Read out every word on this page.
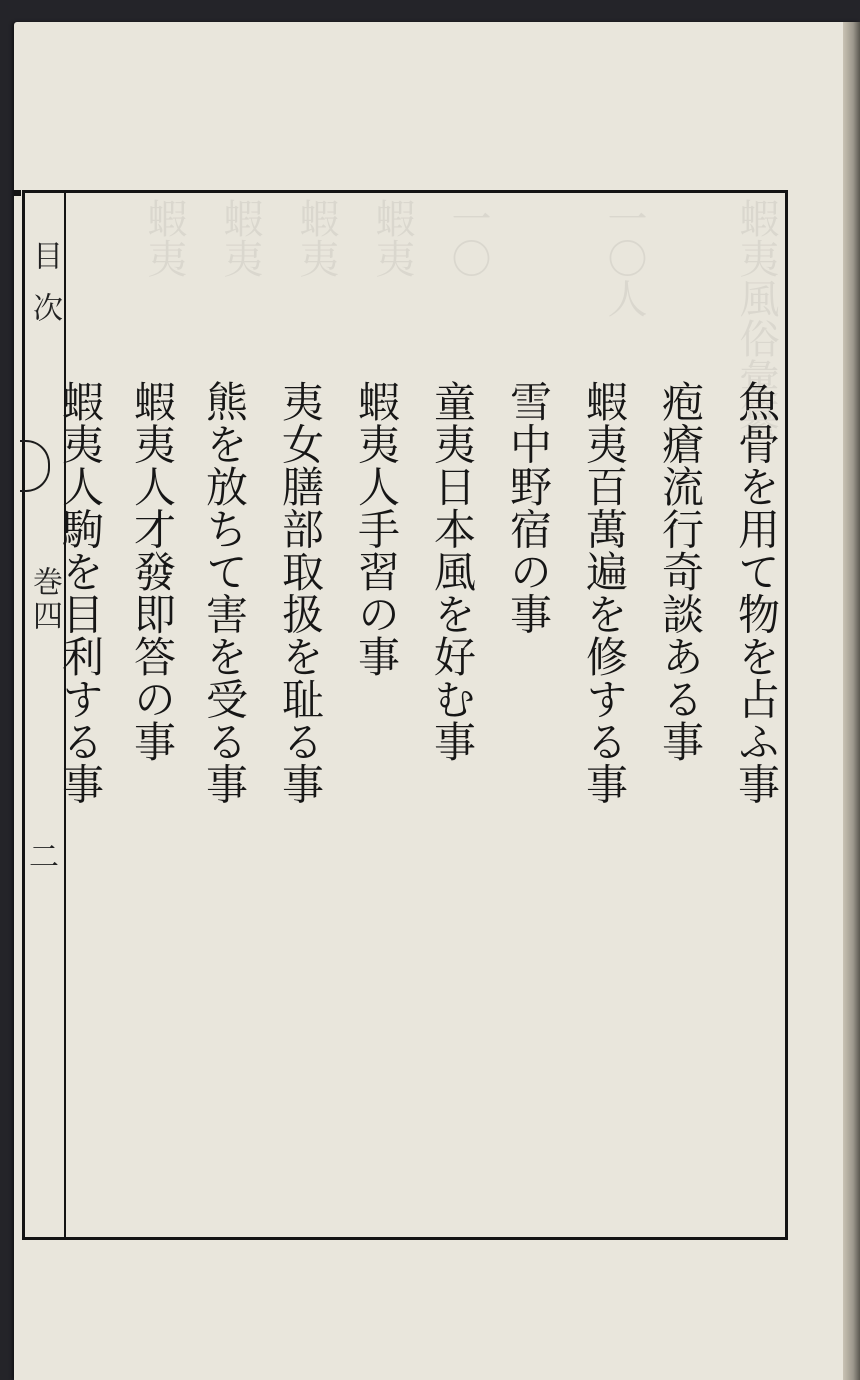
目次
巻四
二
魚骨を用て物を占ふ事
疱瘡流行奇談ある事
蝦夷百萬遍を修する事
雪中野宿の事
童夷日本風を好む事
蝦夷人手習の事
夷女膳部取扱を耻る事
熊を放ちて害を受る事
蝦夷人才發即答の事
蝦夷人駒を目利する事
